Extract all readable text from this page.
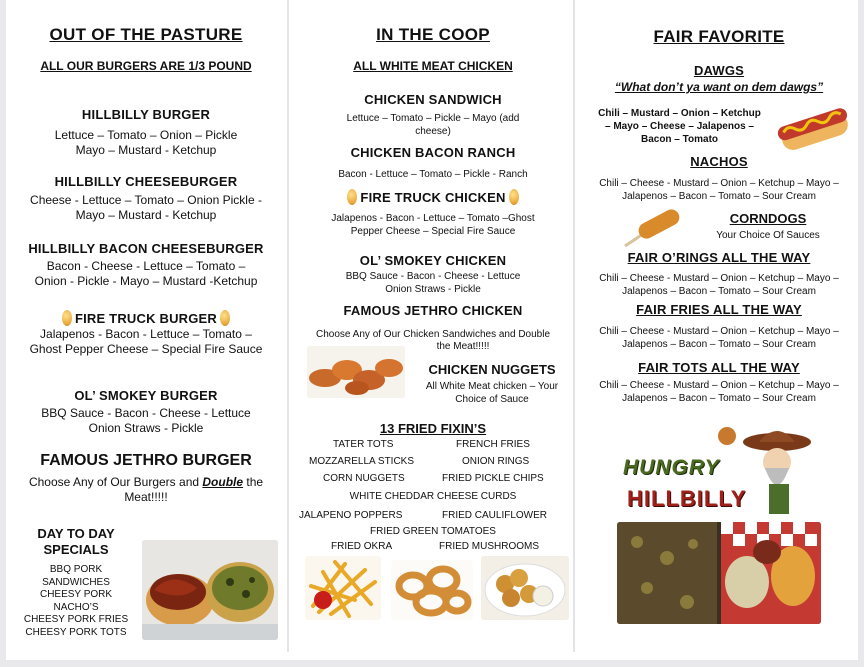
OUT OF THE PASTURE
ALL OUR BURGERS ARE 1/3 POUND
HILLBILLY BURGER
Lettuce – Tomato – Onion – Pickle
Mayo – Mustard - Ketchup
HILLBILLY CHEESEBURGER
Cheese - Lettuce – Tomato – Onion Pickle -
Mayo – Mustard - Ketchup
HILLBILLY BACON CHEESEBURGER
Bacon - Cheese - Lettuce – Tomato –
Onion - Pickle - Mayo – Mustard -Ketchup
FIRE TRUCK BURGER
Jalapenos - Bacon - Lettuce – Tomato –
Ghost Pepper Cheese – Special Fire Sauce
OL’ SMOKEY BURGER
BBQ Sauce - Bacon - Cheese - Lettuce
Onion Straws - Pickle
FAMOUS JETHRO BURGER
Choose Any of Our Burgers and Double the
Meat!!!!!
DAY TO DAY
SPECIALS
BBQ PORK
SANDWICHES
CHEESY PORK
NACHO’S
CHEESY PORK FRIES
CHEESY PORK TOTS
IN THE COOP
ALL WHITE MEAT CHICKEN
CHICKEN SANDWICH
Lettuce – Tomato – Pickle – Mayo (add
cheese)
CHICKEN BACON RANCH
Bacon - Lettuce – Tomato – Pickle - Ranch
FIRE TRUCK CHICKEN
Jalapenos - Bacon - Lettuce – Tomato –Ghost
Pepper Cheese – Special Fire Sauce
OL’ SMOKEY CHICKEN
BBQ Sauce - Bacon - Cheese - Lettuce
Onion Straws - Pickle
FAMOUS JETHRO CHICKEN
Choose Any of Our Chicken Sandwiches and Double
the Meat!!!!!
CHICKEN NUGGETS
All White Meat chicken – Your
Choice of Sauce
13 FRIED FIXIN’S
TATER TOTS	FRENCH FRIES
MOZZARELLA STICKS	ONION RINGS
CORN NUGGETS	FRIED PICKLE CHIPS
WHITE CHEDDAR CHEESE CURDS
JALAPENO POPPERS	FRIED CAULIFLOWER
FRIED GREEN TOMATOES
FRIED OKRA	FRIED MUSHROOMS
FAIR FAVORITE
DAWGS
“What don’t ya want on dem dawgs”
Chili – Mustard – Onion – Ketchup
– Mayo – Cheese – Jalapenos –
Bacon – Tomato
NACHOS
Chili – Cheese - Mustard – Onion – Ketchup – Mayo –
Jalapenos – Bacon – Tomato – Sour Cream
CORNDOGS
Your Choice Of Sauces
FAIR O’RINGS ALL THE WAY
Chili – Cheese - Mustard – Onion – Ketchup – Mayo –
Jalapenos – Bacon – Tomato – Sour Cream
FAIR FRIES ALL THE WAY
Chili – Cheese - Mustard – Onion – Ketchup – Mayo –
Jalapenos – Bacon – Tomato – Sour Cream
FAIR TOTS ALL THE WAY
Chili – Cheese - Mustard – Onion – Ketchup – Mayo –
Jalapenos – Bacon – Tomato – Sour Cream
HUNGRY
HILLBILLY
